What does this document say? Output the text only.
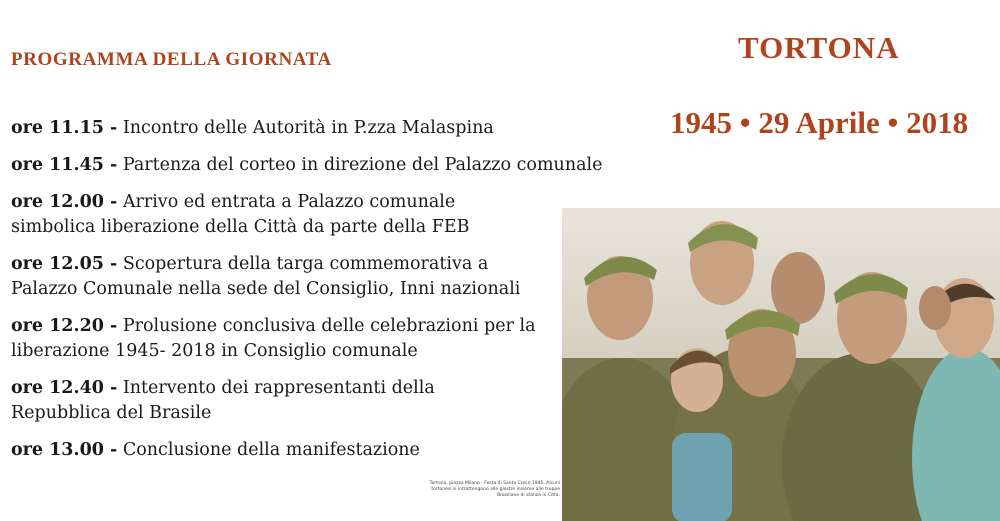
PROGRAMMA DELLA GIORNATA	TORTONA
1945 • 29 Aprile • 2018
ore 11.15 - Incontro delle Autorità in P.zza Malaspina
ore 11.45 - Partenza del corteo in direzione del Palazzo comunale
ore 12.00 - Arrivo ed entrata a Palazzo comunale simbolica liberazione della Città da parte della FEB
ore 12.05 - Scopertura della targa commemorativa a Palazzo Comunale nella sede del Consiglio, Inni nazionali
ore 12.20 - Prolusione conclusiva delle celebrazioni per la liberazione 1945- 2018 in Consiglio comunale
ore 12.40 - Intervento dei rappresentanti della Repubblica del Brasile
ore 13.00 - Conclusione della manifestazione
Tortona, piazza Milano - Festa di Santa Croce 1945. Alcuni tortonesi si intrattengono alle giostre insieme alle truppe Brasiliane di stanza in Città.
